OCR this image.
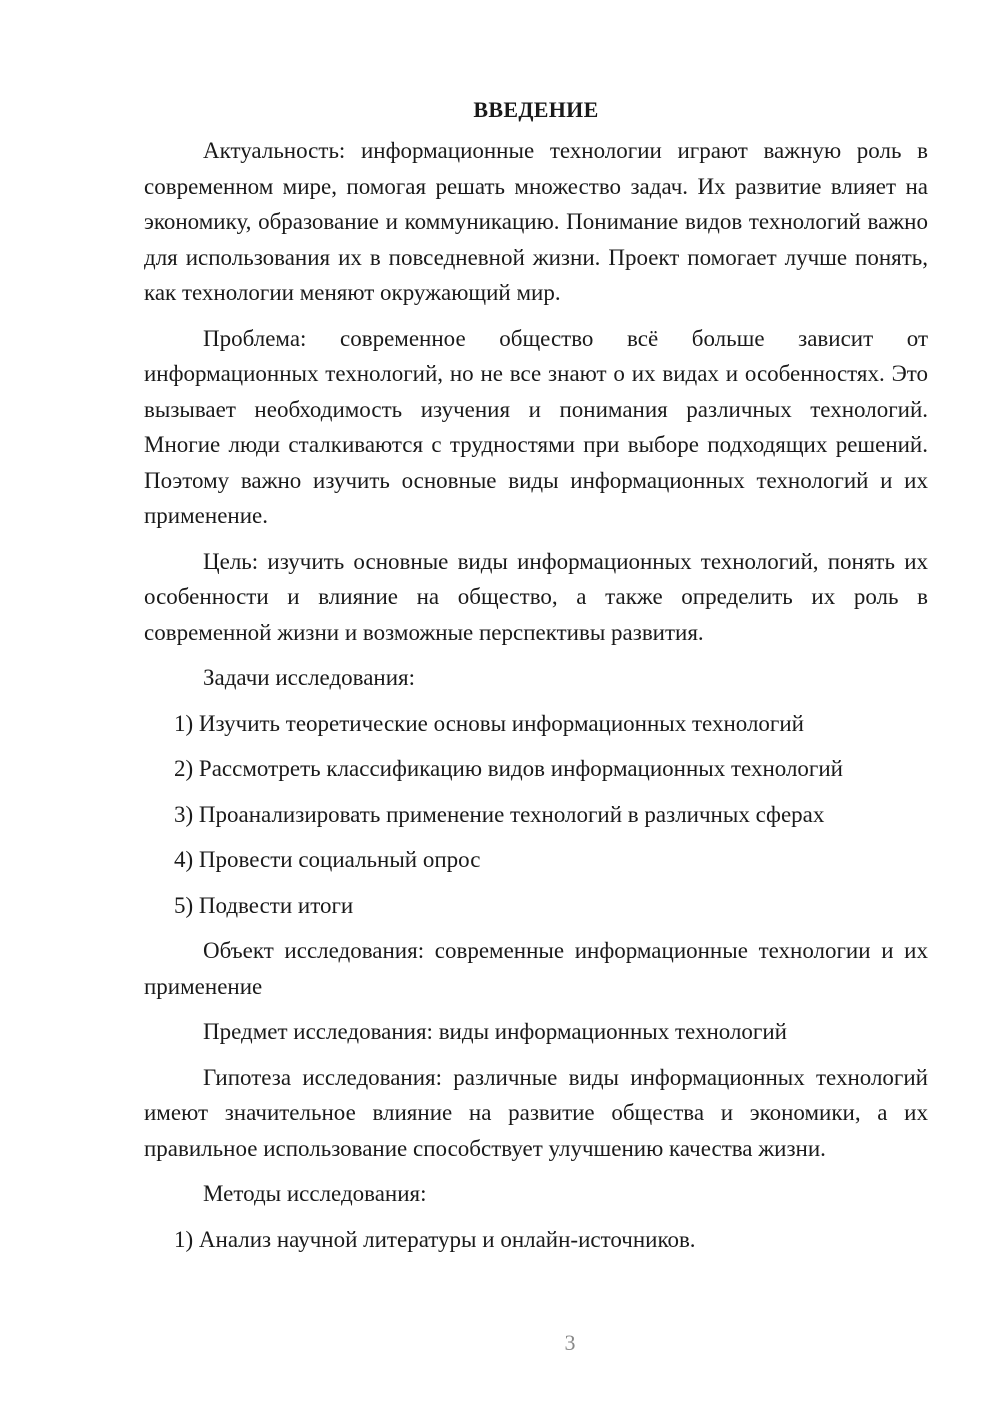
ВВЕДЕНИЕ

Актуальность: информационные технологии играют важную роль в современном мире, помогая решать множество задач. Их развитие влияет на экономику, образование и коммуникацию. Понимание видов технологий важно для использования их в повседневной жизни. Проект помогает лучше понять, как технологии меняют окружающий мир.

Проблема: современное общество всё больше зависит от информационных технологий, но не все знают о их видах и особенностях. Это вызывает необходимость изучения и понимания различных технологий. Многие люди сталкиваются с трудностями при выборе подходящих решений. Поэтому важно изучить основные виды информационных технологий и их применение.

Цель: изучить основные виды информационных технологий, понять их особенности и влияние на общество, а также определить их роль в современной жизни и возможные перспективы развития.

Задачи исследования:

1) Изучить теоретические основы информационных технологий
2) Рассмотреть классификацию видов информационных технологий
3) Проанализировать применение технологий в различных сферах
4) Провести социальный опрос
5) Подвести итоги

Объект исследования: современные информационные технологии и их применение

Предмет исследования: виды информационных технологий

Гипотеза исследования: различные виды информационных технологий имеют значительное влияние на развитие общества и экономики, а их правильное использование способствует улучшению качества жизни.

Методы исследования:

1) Анализ научной литературы и онлайн-источников.
3
